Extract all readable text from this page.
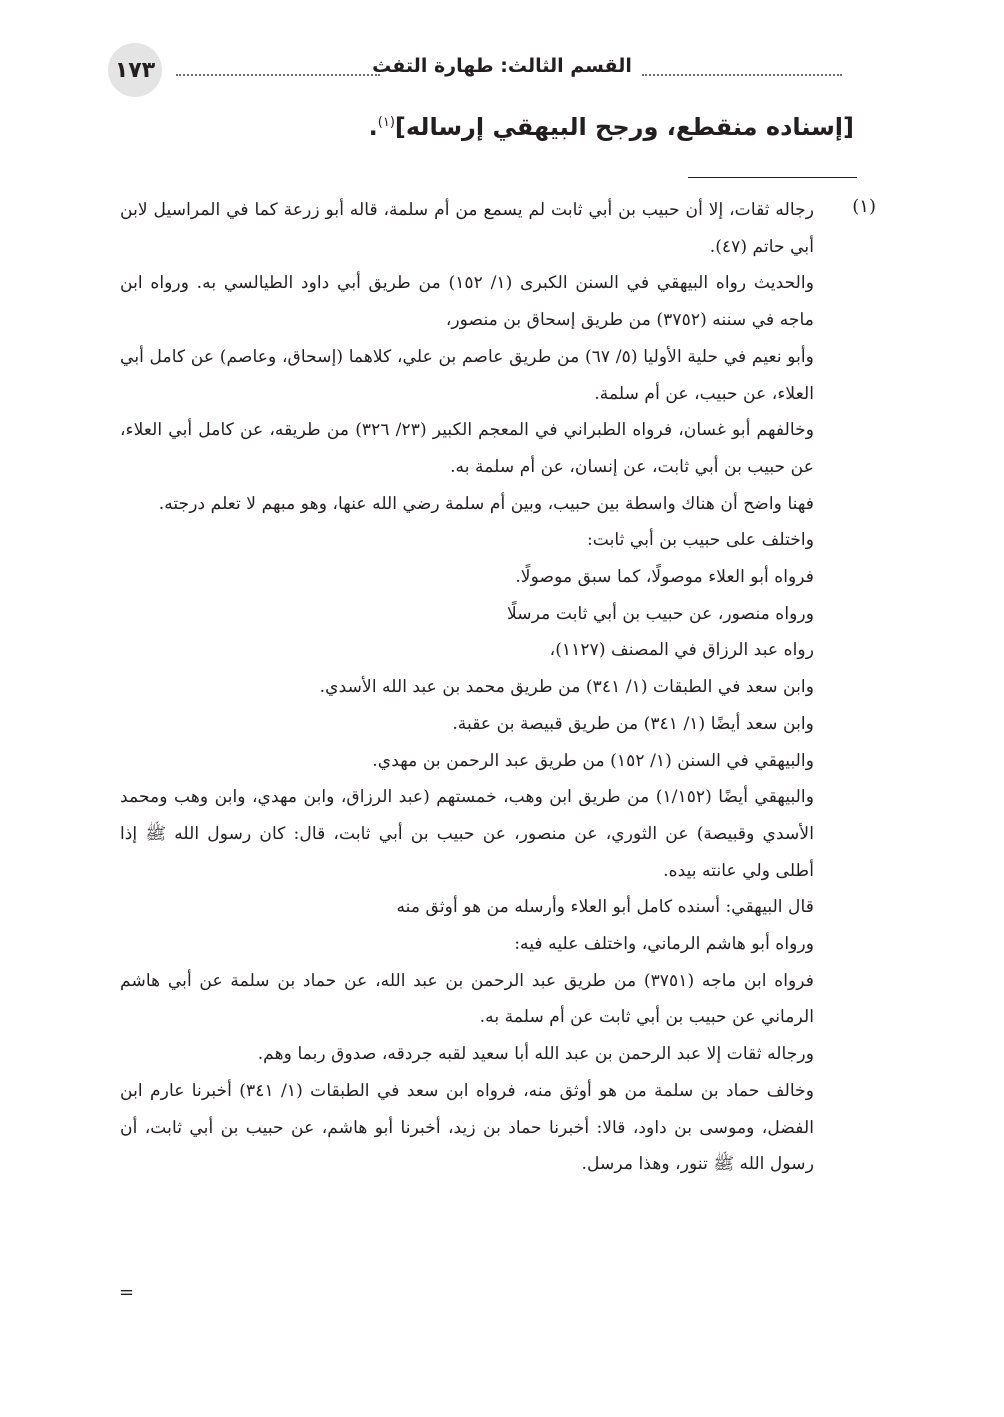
١٧٣	القسم الثالث: طهارة التفث
[إسناده منقطع، ورجح البيهقي إرساله]$^{(١)}$.
(١)

رجاله ثقات، إلا أن حبيب بن أبي ثابت لم يسمع من أم سلمة، قاله أبو زرعة كما في المراسيل لابن أبي حاتم (٤٧).

والحديث رواه البيهقي في السنن الكبرى (١/ ١٥٢) من طريق أبي داود الطيالسي به. ورواه ابن ماجه في سننه (٣٧٥٢) من طريق إسحاق بن منصور،

وأبو نعيم في حلية الأوليا (٥/ ٦٧) من طريق عاصم بن علي، كلاهما (إسحاق، وعاصم) عن كامل أبي العلاء، عن حبيب، عن أم سلمة.

وخالفهم أبو غسان، فرواه الطبراني في المعجم الكبير (٢٣/ ٣٢٦) من طريقه، عن كامل أبي العلاء، عن حبيب بن أبي ثابت، عن إنسان، عن أم سلمة به.

فهنا واضح أن هناك واسطة بين حبيب، وبين أم سلمة رضي الله عنها، وهو مبهم لا تعلم درجته.

واختلف على حبيب بن أبي ثابت:

فرواه أبو العلاء موصولًا، كما سبق موصولًا.

ورواه منصور، عن حبيب بن أبي ثابت مرسلًا

رواه عبد الرزاق في المصنف (١١٢٧)،

وابن سعد في الطبقات (١/ ٣٤١) من طريق محمد بن عبد الله الأسدي.

وابن سعد أيضًا (١/ ٣٤١) من طريق قبيصة بن عقبة.

والبيهقي في السنن (١/ ١٥٢) من طريق عبد الرحمن بن مهدي.

والبيهقي أيضًا (١/١٥٢) من طريق ابن وهب، خمستهم (عبد الرزاق، وابن مهدي، وابن وهب ومحمد الأسدي وقبيصة) عن الثوري، عن منصور، عن حبيب بن أبي ثابت، قال: كان رسول الله ﷺ إذا أطلى ولي عانته بيده.

قال البيهقي: أسنده كامل أبو العلاء وأرسله من هو أوثق منه

ورواه أبو هاشم الرماني، واختلف عليه فيه:

فرواه ابن ماجه (٣٧٥١) من طريق عبد الرحمن بن عبد الله، عن حماد بن سلمة عن أبي هاشم الرماني عن حبيب بن أبي ثابت عن أم سلمة به.

ورجاله ثقات إلا عبد الرحمن بن عبد الله أبا سعيد لقبه جردقه، صدوق ربما وهم.

وخالف حماد بن سلمة من هو أوثق منه، فرواه ابن سعد في الطبقات (١/ ٣٤١) أخبرنا عارم ابن الفضل، وموسى بن داود، قالا: أخبرنا حماد بن زيد، أخبرنا أبو هاشم، عن حبيب بن أبي ثابت، أن رسول الله ﷺ تنور، وهذا مرسل.

=
